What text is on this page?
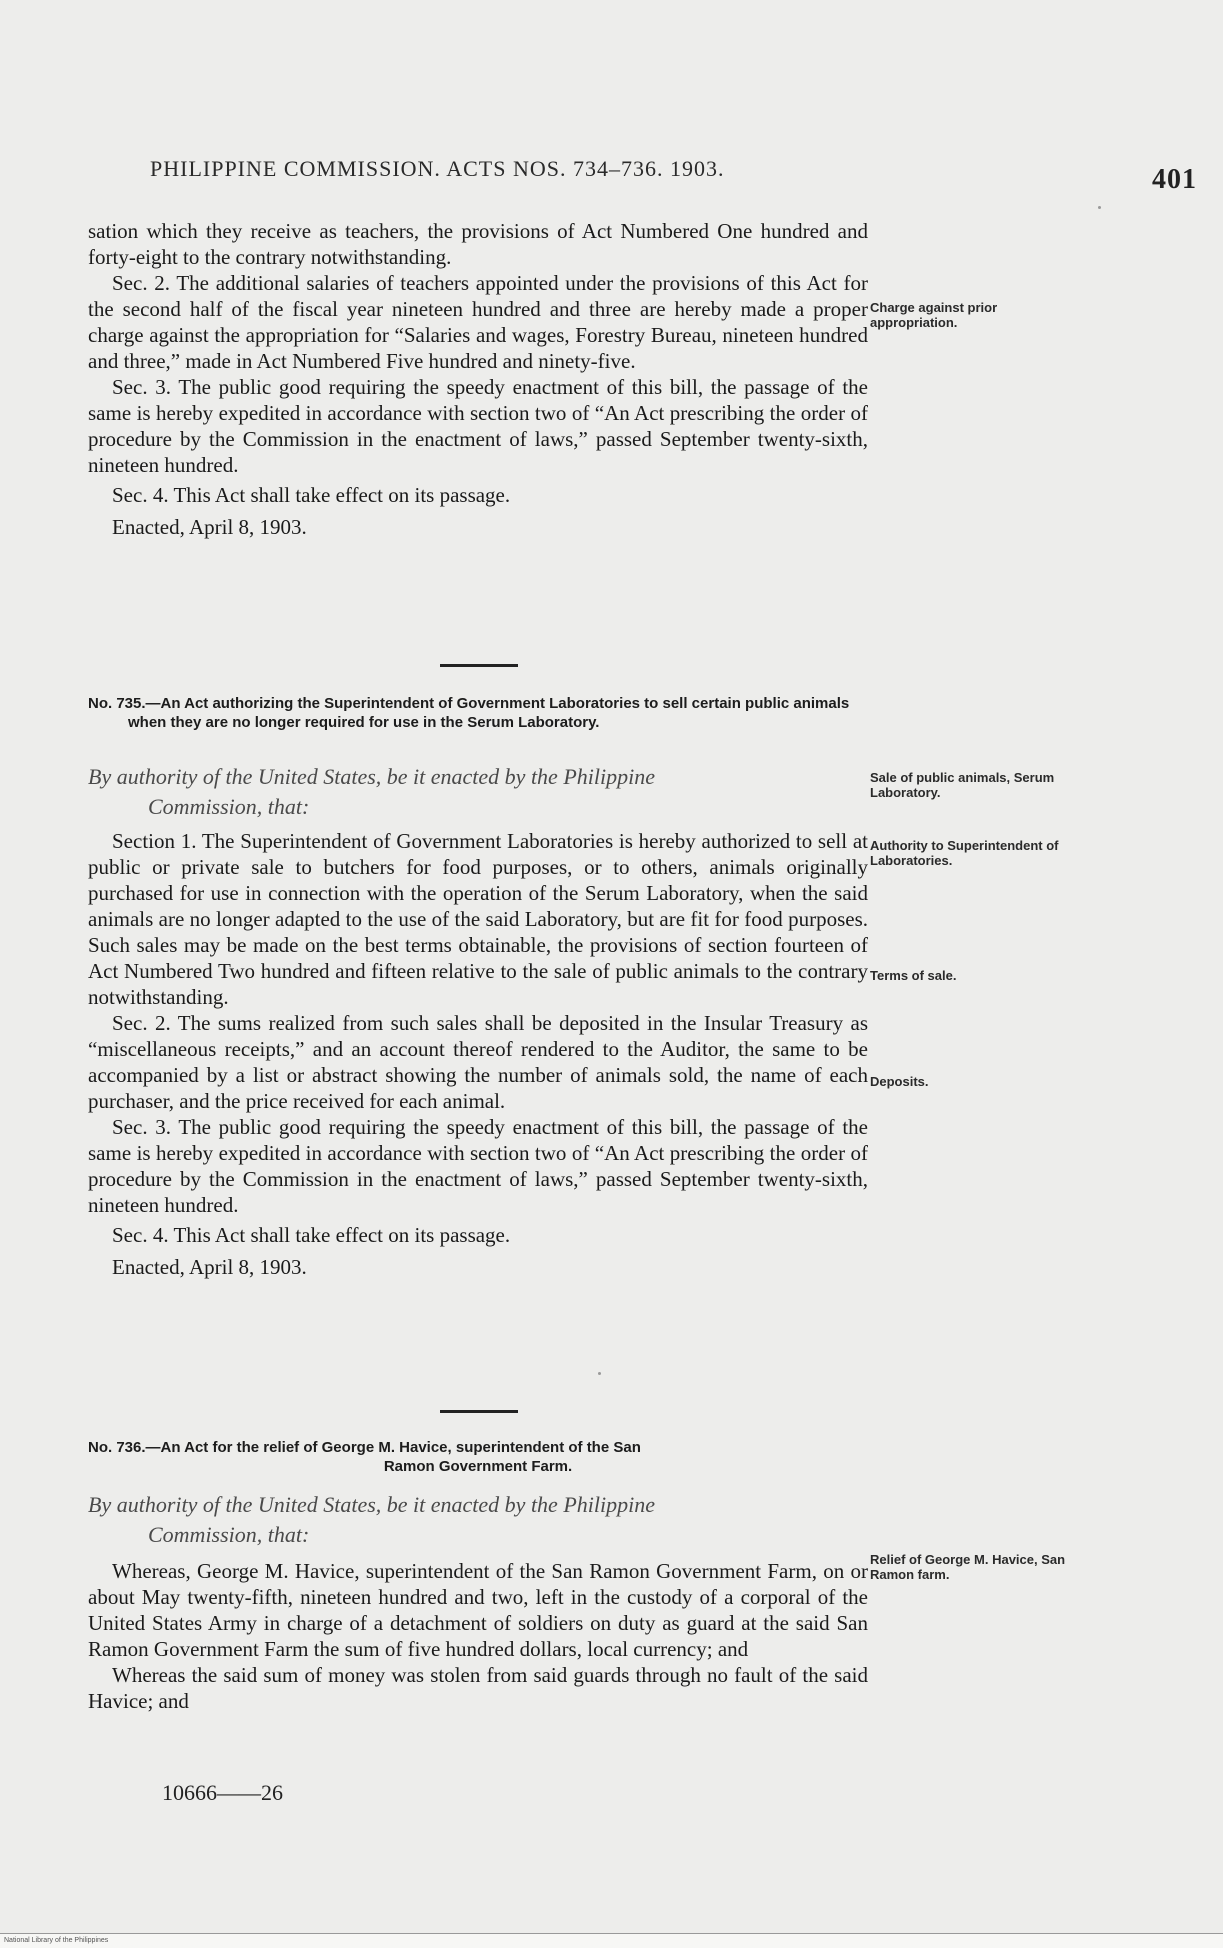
PHILIPPINE COMMISSION. ACTS NOS. 734–736. 1903.	401

sation which they receive as teachers, the provisions of Act Numbered One hundred and forty-eight to the contrary notwithstanding.

Sec. 2. The additional salaries of teachers appointed under the provisions of this Act for the second half of the fiscal year nineteen hundred and three are hereby made a proper charge against the appropriation for “Salaries and wages, Forestry Bureau, nineteen hundred and three,” made in Act Numbered Five hundred and ninety-five.

Sec. 3. The public good requiring the speedy enactment of this bill, the passage of the same is hereby expedited in accordance with section two of “An Act prescribing the order of procedure by the Commission in the enactment of laws,” passed September twenty-sixth, nineteen hundred.

Sec. 4. This Act shall take effect on its passage.

Enacted, April 8, 1903.

No. 735.—An Act authorizing the Superintendent of Government Laboratories to sell certain public animals when they are no longer required for use in the Serum Laboratory.
By authority of the United States, be it enacted by the Philippine
Commission, that:

Section 1. The Superintendent of Government Laboratories is hereby authorized to sell at public or private sale to butchers for food purposes, or to others, animals originally purchased for use in connection with the operation of the Serum Laboratory, when the said animals are no longer adapted to the use of the said Laboratory, but are fit for food purposes. Such sales may be made on the best terms obtainable, the provisions of section fourteen of Act Numbered Two hundred and fifteen relative to the sale of public animals to the contrary notwithstanding.

Sec. 2. The sums realized from such sales shall be deposited in the Insular Treasury as “miscellaneous receipts,” and an account thereof rendered to the Auditor, the same to be accompanied by a list or abstract showing the number of animals sold, the name of each purchaser, and the price received for each animal.

Sec. 3. The public good requiring the speedy enactment of this bill, the passage of the same is hereby expedited in accordance with section two of “An Act prescribing the order of procedure by the Commission in the enactment of laws,” passed September twenty-sixth, nineteen hundred.

Sec. 4. This Act shall take effect on its passage.

Enacted, April 8, 1903.

No. 736.—An Act for the relief of George M. Havice, superintendent of the San
Ramon Government Farm.
By authority of the United States, be it enacted by the Philippine
Commission, that:

Whereas, George M. Havice, superintendent of the San Ramon Government Farm, on or about May twenty-fifth, nineteen hundred and two, left in the custody of a corporal of the United States Army in charge of a detachment of soldiers on duty as guard at the said San Ramon Government Farm the sum of five hundred dollars, local currency; and

Whereas the said sum of money was stolen from said guards through no fault of the said Havice; and

Charge against prior appropriation.
Sale of public animals, Serum Laboratory.
Authority to Superintendent of Laboratories.
Terms of sale.
Deposits.
Relief of George M. Havice, San Ramon farm.
10666——26
National Library of the Philippines
